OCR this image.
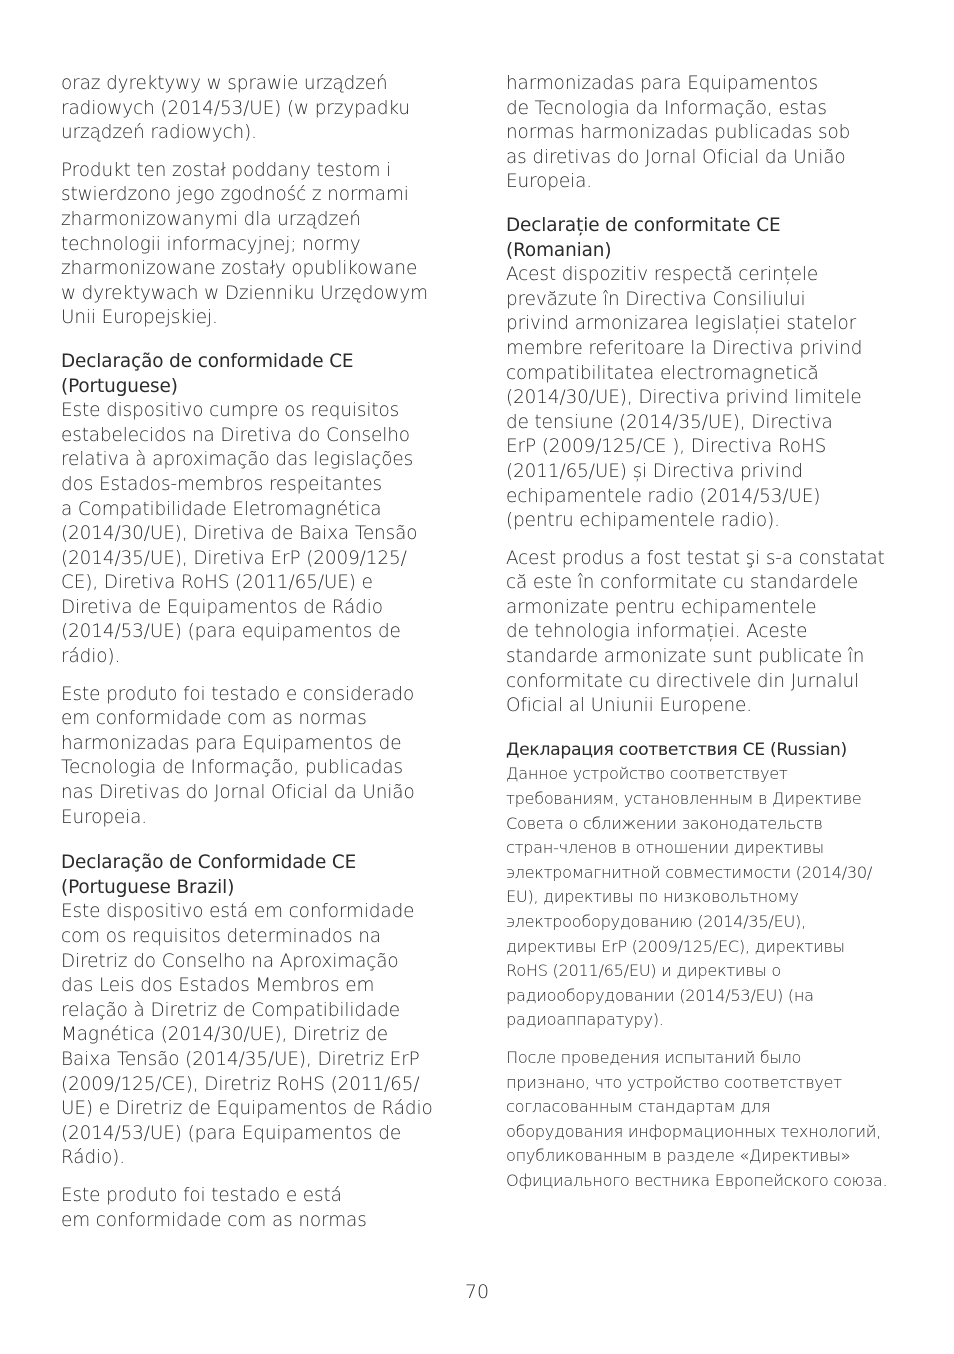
oraz dyrektywy w sprawie urządzeń
radiowych (2014/53/UE) (w przypadku
urządzeń radiowych).

Produkt ten został poddany testom i
stwierdzono jego zgodność z normami
zharmonizowanymi dla urządzeń
technologii informacyjnej; normy
zharmonizowane zostały opublikowane
w dyrektywach w Dzienniku Urzędowym
Unii Europejskiej.

Declaração de conformidade CE
(Portuguese)

Este dispositivo cumpre os requisitos
estabelecidos na Diretiva do Conselho
relativa à aproximação das legislações
dos Estados-membros respeitantes
a Compatibilidade Eletromagnética
(2014/30/UE), Diretiva de Baixa Tensão
(2014/35/UE), Diretiva ErP (2009/125/
CE), Diretiva RoHS (2011/65/UE) e
Diretiva de Equipamentos de Rádio
(2014/53/UE) (para equipamentos de
rádio).

Este produto foi testado e considerado
em conformidade com as normas
harmonizadas para Equipamentos de
Tecnologia de Informação, publicadas
nas Diretivas do Jornal Oficial da União
Europeia.

Declaração de Conformidade CE
(Portuguese Brazil)

Este dispositivo está em conformidade
com os requisitos determinados na
Diretriz do Conselho na Aproximação
das Leis dos Estados Membros em
relação à Diretriz de Compatibilidade
Magnética (2014/30/UE), Diretriz de
Baixa Tensão (2014/35/UE), Diretriz ErP
(2009/125/CE), Diretriz RoHS (2011/65/
UE) e Diretriz de Equipamentos de Rádio
(2014/53/UE) (para Equipamentos de
Rádio).

Este produto foi testado e está
em conformidade com as normas

harmonizadas para Equipamentos
de Tecnologia da Informação, estas
normas harmonizadas publicadas sob
as diretivas do Jornal Oficial da União
Europeia.

Declarație de conformitate CE
(Romanian)

Acest dispozitiv respectă cerințele
prevăzute în Directiva Consiliului
privind armonizarea legislației statelor
membre referitoare la Directiva privind
compatibilitatea electromagnetică
(2014/30/UE), Directiva privind limitele
de tensiune (2014/35/UE), Directiva
ErP (2009/125/CE ), Directiva RoHS
(2011/65/UE) și Directiva privind
echipamentele radio (2014/53/UE)
(pentru echipamentele radio).

Acest produs a fost testat şi s-a constatat
că este în conformitate cu standardele
armonizate pentru echipamentele
de tehnologia informației. Aceste
standarde armonizate sunt publicate în
conformitate cu directivele din Jurnalul
Oficial al Uniunii Europene.

Декларация соответствия CE (Russian)

Данное устройство соответствует
требованиям, установленным в Директиве
Совета о сближении законодательств
стран-членов в отношении директивы
электромагнитной совместимости (2014/30/
EU), директивы по низковольтному
электрооборудованию (2014/35/EU),
директивы ErP (2009/125/EC), директивы
RoHS (2011/65/EU) и директивы о
радиооборудовании (2014/53/EU) (на
радиоаппаратуру).

После проведения испытаний было
признано, что устройство соответствует
согласованным стандартам для
оборудования информационных технологий,
опубликованным в разделе «Директивы»
Официального вестника Европейского союза.

70
